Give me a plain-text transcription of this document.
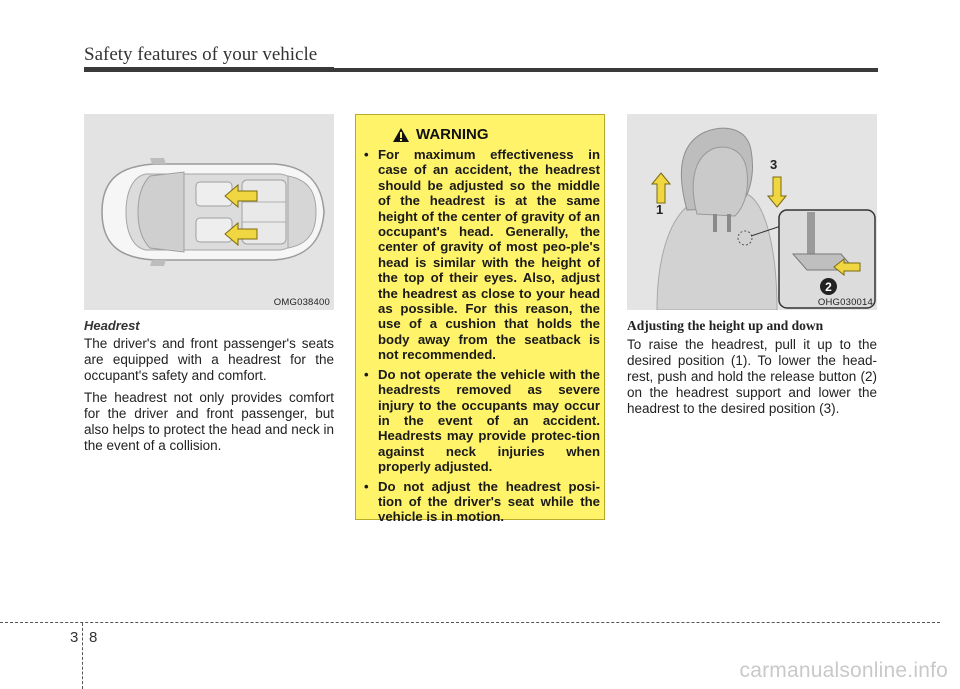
Safety features of your vehicle
OMG038400
Headrest

The driver's and front passenger's seats are equipped with a headrest for the occupant's safety and comfort.

The headrest not only provides comfort for the driver and front passenger, but also helps to protect the head and neck in the event of a collision.

WARNING
• For maximum effectiveness in case of an accident, the headrest should be adjusted so the middle of the headrest is at the same height of the center of gravity of an occupant's head. Generally, the center of gravity of most peo-ple's head is similar with the height of the top of their eyes. Also, adjust the headrest as close to your head as possible. For this reason, the use of a cushion that holds the body away from the seatback is not recommended.
• Do not operate the vehicle with the headrests removed as severe injury to the occupants may occur in the event of an accident. Headrests may provide protec-tion against neck injuries when properly adjusted.
• Do not adjust the headrest posi-tion of the driver's seat while the vehicle is in motion.
1
2
3
OHG030014
Adjusting the height up and down

To raise the headrest, pull it up to the desired position (1). To lower the head-rest, push and hold the release button (2) on the headrest support and lower the headrest to the desired position (3).

3 8
carmanualsonline.info
